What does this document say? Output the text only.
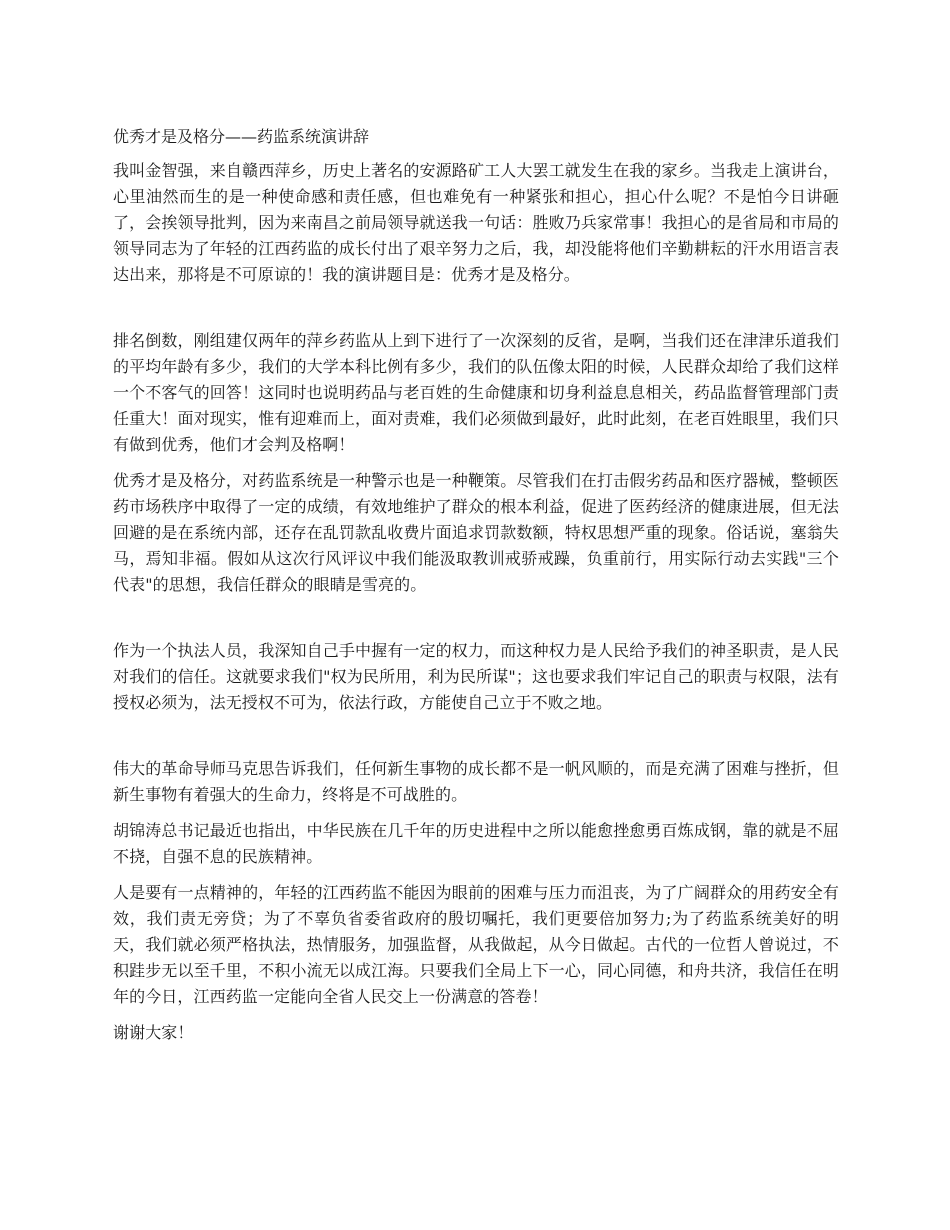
优秀才是及格分——药监系统演讲辞

我叫金智强，来自赣西萍乡，历史上著名的安源路矿工人大罢工就发生在我的家乡。当我走上演讲台，心里油然而生的是一种使命感和责任感，但也难免有一种紧张和担心，担心什么呢？不是怕今日讲砸了，会挨领导批判，因为来南昌之前局领导就送我一句话：胜败乃兵家常事！我担心的是省局和市局的领导同志为了年轻的江西药监的成长付出了艰辛努力之后，我，却没能将他们辛勤耕耘的汗水用语言表达出来，那将是不可原谅的！我的演讲题目是：优秀才是及格分。

排名倒数，刚组建仅两年的萍乡药监从上到下进行了一次深刻的反省，是啊，当我们还在津津乐道我们的平均年龄有多少，我们的大学本科比例有多少，我们的队伍像太阳的时候，人民群众却给了我们这样一个不客气的回答！这同时也说明药品与老百姓的生命健康和切身利益息息相关，药品监督管理部门责任重大！面对现实，惟有迎难而上，面对责难，我们必须做到最好，此时此刻，在老百姓眼里，我们只有做到优秀，他们才会判及格啊！

优秀才是及格分，对药监系统是一种警示也是一种鞭策。尽管我们在打击假劣药品和医疗器械，整顿医药市场秩序中取得了一定的成绩，有效地维护了群众的根本利益，促进了医药经济的健康进展，但无法回避的是在系统内部，还存在乱罚款乱收费片面追求罚款数额，特权思想严重的现象。俗话说，塞翁失马，焉知非福。假如从这次行风评议中我们能汲取教训戒骄戒躁，负重前行，用实际行动去实践"三个代表"的思想，我信任群众的眼睛是雪亮的。

作为一个执法人员，我深知自己手中握有一定的权力，而这种权力是人民给予我们的神圣职责，是人民对我们的信任。这就要求我们"权为民所用，利为民所谋"；这也要求我们牢记自己的职责与权限，法有授权必须为，法无授权不可为，依法行政，方能使自己立于不败之地。

伟大的革命导师马克思告诉我们，任何新生事物的成长都不是一帆风顺的，而是充满了困难与挫折，但新生事物有着强大的生命力，终将是不可战胜的。

胡锦涛总书记最近也指出，中华民族在几千年的历史进程中之所以能愈挫愈勇百炼成钢，靠的就是不屈不挠，自强不息的民族精神。

人是要有一点精神的，年轻的江西药监不能因为眼前的困难与压力而沮丧，为了广阔群众的用药安全有效，我们责无旁贷；为了不辜负省委省政府的殷切嘱托，我们更要倍加努力;为了药监系统美好的明天，我们就必须严格执法，热情服务，加强监督，从我做起，从今日做起。古代的一位哲人曾说过，不积跬步无以至千里，不积小流无以成江海。只要我们全局上下一心，同心同德，和舟共济，我信任在明年的今日，江西药监一定能向全省人民交上一份满意的答卷！

谢谢大家！
